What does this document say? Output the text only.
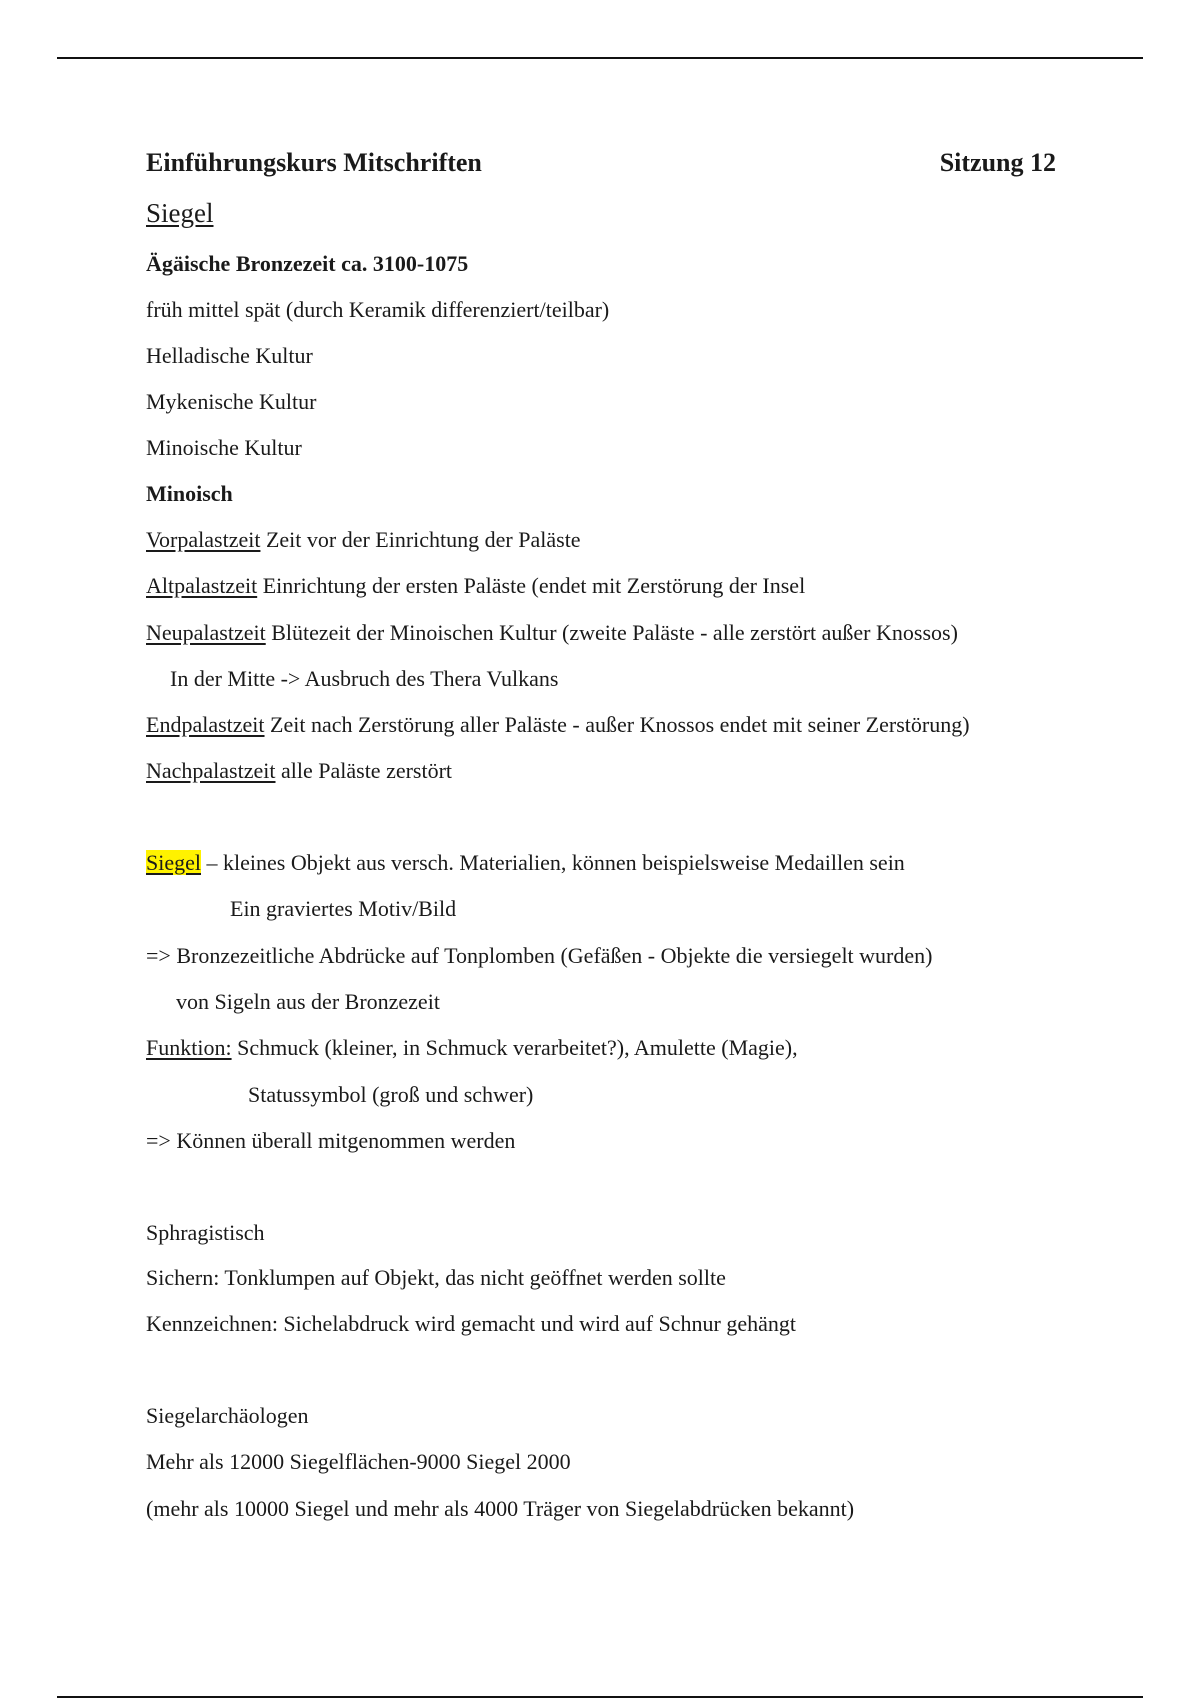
Einführungskurs Mitschriften	Sitzung 12
Siegel
Ägäische Bronzezeit ca. 3100-1075
früh mittel spät (durch Keramik differenziert/teilbar)
Helladische Kultur
Mykenische Kultur
Minoische Kultur
Minoisch
Vorpalastzeit Zeit vor der Einrichtung der Paläste
Altpalastzeit Einrichtung der ersten Paläste (endet mit Zerstörung der Insel
Neupalastzeit Blütezeit der Minoischen Kultur (zweite Paläste - alle zerstört außer Knossos)
In der Mitte -> Ausbruch des Thera Vulkans
Endpalastzeit Zeit nach Zerstörung aller Paläste - außer Knossos endet mit seiner Zerstörung)
Nachpalastzeit alle Paläste zerstört
Siegel – kleines Objekt aus versch. Materialien, können beispielsweise Medaillen sein
Ein graviertes Motiv/Bild
=> Bronzezeitliche Abdrücke auf Tonplomben (Gefäßen - Objekte die versiegelt wurden)
von Sigeln aus der Bronzezeit
Funktion: Schmuck (kleiner, in Schmuck verarbeitet?), Amulette (Magie),
Statussymbol (groß und schwer)
=> Können überall mitgenommen werden
Sphragistisch
Sichern: Tonklumpen auf Objekt, das nicht geöffnet werden sollte
Kennzeichnen: Sichelabdruck wird gemacht und wird auf Schnur gehängt
Siegelarchäologen
Mehr als 12000 Siegelflächen-9000 Siegel 2000
(mehr als 10000 Siegel und mehr als 4000 Träger von Siegelabdrücken bekannt)
